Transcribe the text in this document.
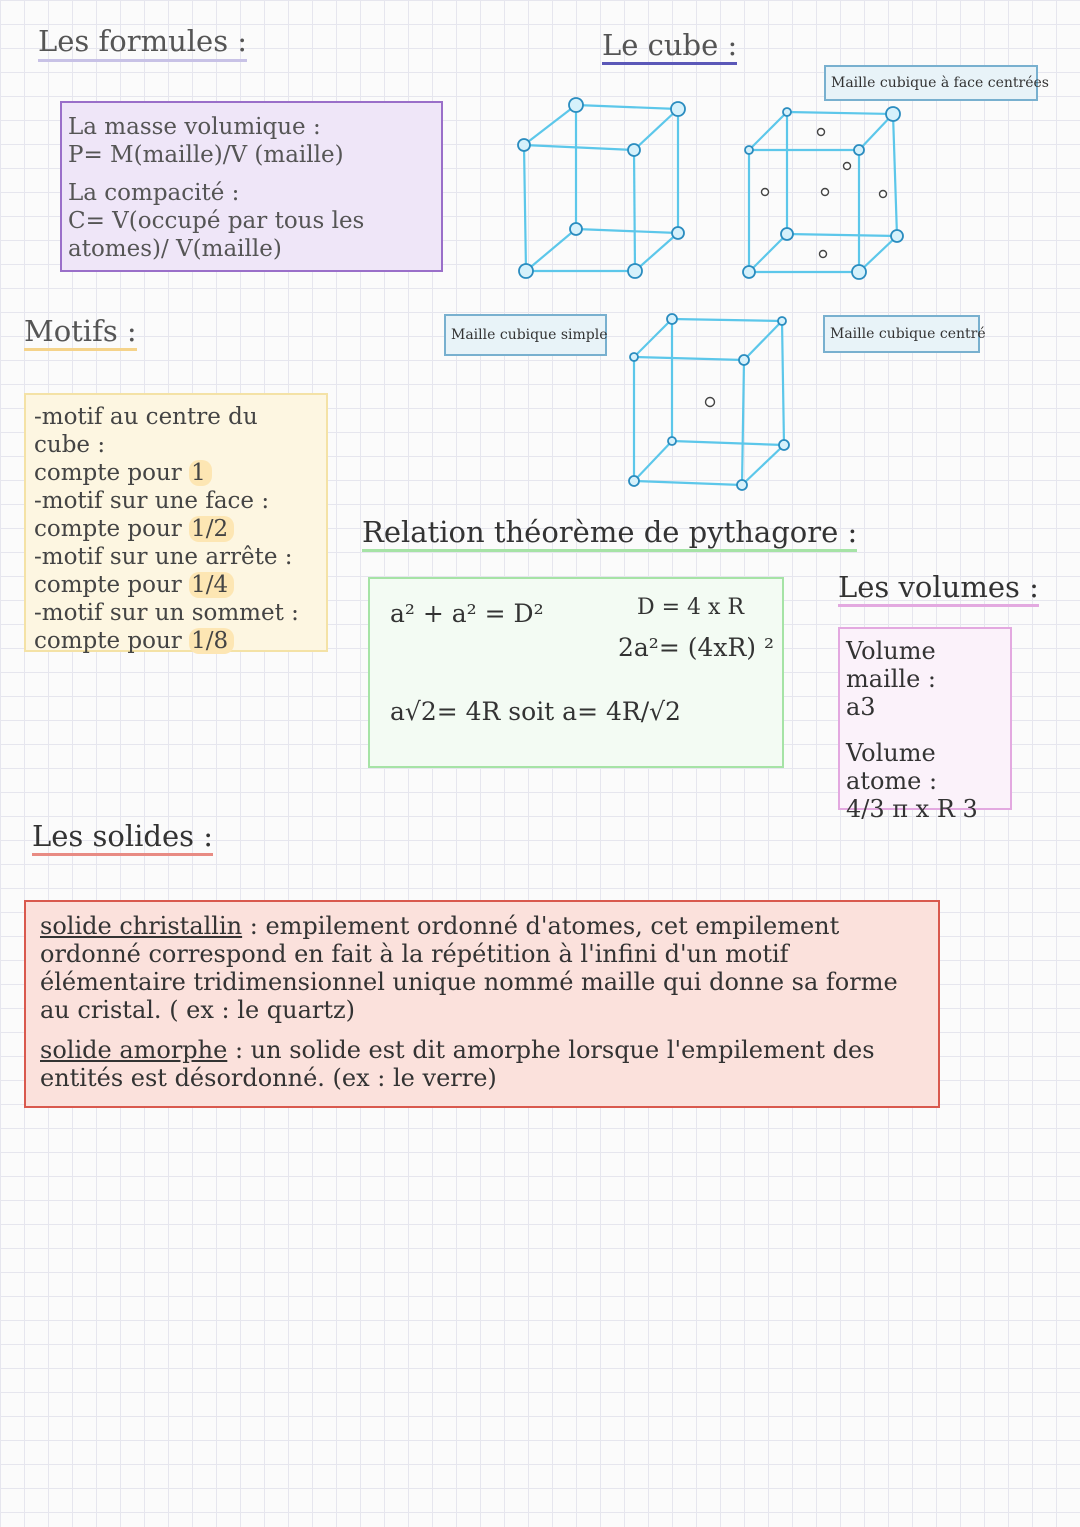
Les formules :	Le cube :
Motifs :
Relation théorème de pythagore :
Les volumes :
Les solides :

La masse volumique :
P= M(maille)/V (maille)

La compacité :
C= V(occupé par tous les atomes)/ V(maille)

-motif au centre du cube :
compte pour 1
-motif sur une face :
compte pour 1/2
-motif sur une arrête :
compte pour 1/4
-motif sur un sommet :
compte pour 1/8
Maille cubique à face centrées
Maille cubique simple	Maille cubique centré
a² + a² = D²	D = 4 x R
2a²= (4xR) ²
a√2= 4R soit a= 4R/√2

Volume maille :
a3

Volume atome :
4/3 π x R 3

solide christallin : empilement ordonné d'atomes, cet empilement ordonné correspond en fait à la répétition à l'infini d'un motif élémentaire tridimensionnel unique nommé maille qui donne sa forme au cristal. ( ex : le quartz)

solide amorphe : un solide est dit amorphe lorsque l'empilement des entités est désordonné. (ex : le verre)
